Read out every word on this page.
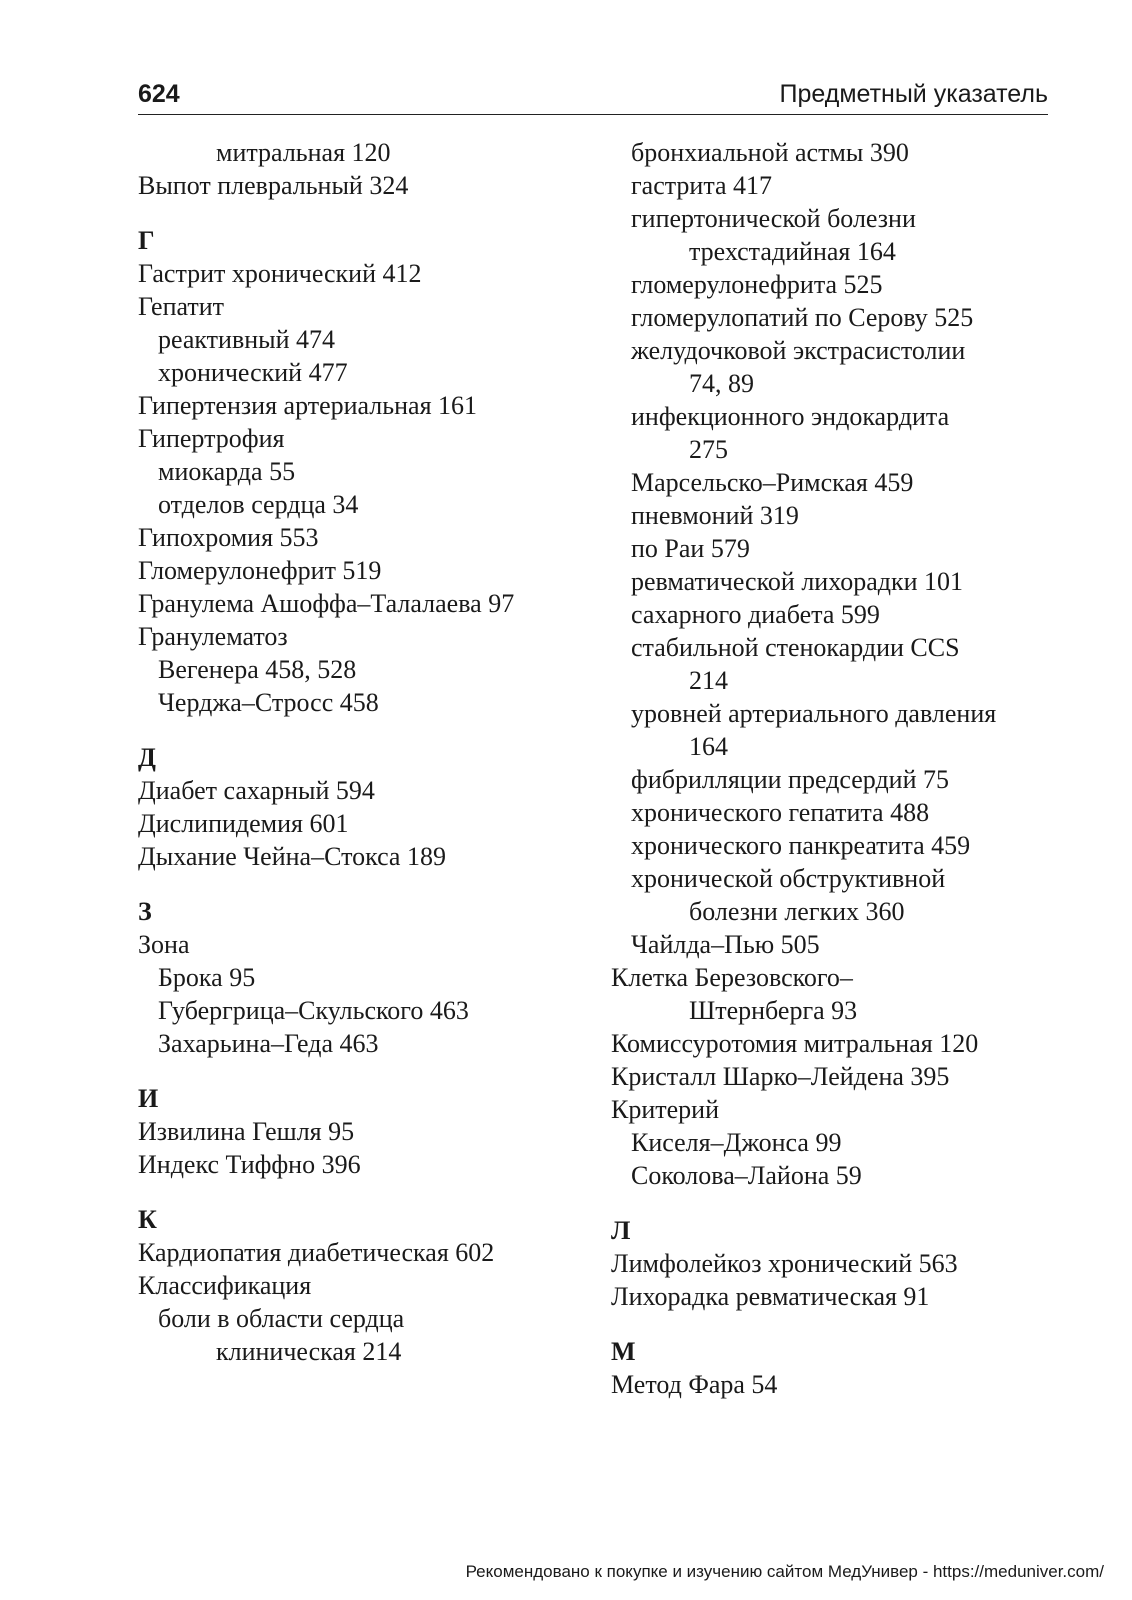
624	Предметный указатель
митральная 120
Выпот плевральный 324
Г
Гастрит хронический 412
Гепатит
реактивный 474
хронический 477
Гипертензия артериальная 161
Гипертрофия
миокарда 55
отделов сердца 34
Гипохромия 553
Гломерулонефрит 519
Гранулема Ашоффа–Талалаева 97
Гранулематоз
Вегенера 458, 528
Черджа–Стросс 458
Д
Диабет сахарный 594
Дислипидемия 601
Дыхание Чейна–Стокса 189
З
Зона
Брока 95
Губергрица–Скульского 463
Захарьина–Геда 463
И
Извилина Гешля 95
Индекс Тиффно 396
К
Кардиопатия диабетическая 602
Классификация
боли в области сердца
клиническая 214
бронхиальной астмы 390
гастрита 417
гипертонической болезни
трехстадийная 164
гломерулонефрита 525
гломерулопатий по Серову 525
желудочковой экстрасистолии
74, 89
инфекционного эндокардита
275
Марсельско–Римская 459
пневмоний 319
по Раи 579
ревматической лихорадки 101
сахарного диабета 599
стабильной стенокардии CCS
214
уровней артериального давления
164
фибрилляции предсердий 75
хронического гепатита 488
хронического панкреатита 459
хронической обструктивной
болезни легких 360
Чайлда–Пью 505
Клетка Березовского–
Штернберга 93
Комиссуротомия митральная 120
Кристалл Шарко–Лейдена 395
Критерий
Киселя–Джонса 99
Соколова–Лайона 59
Л
Лимфолейкоз хронический 563
Лихорадка ревматическая 91
М
Метод Фара 54
Рекомендовано к покупке и изучению сайтом МедУнивер - https://meduniver.com/
